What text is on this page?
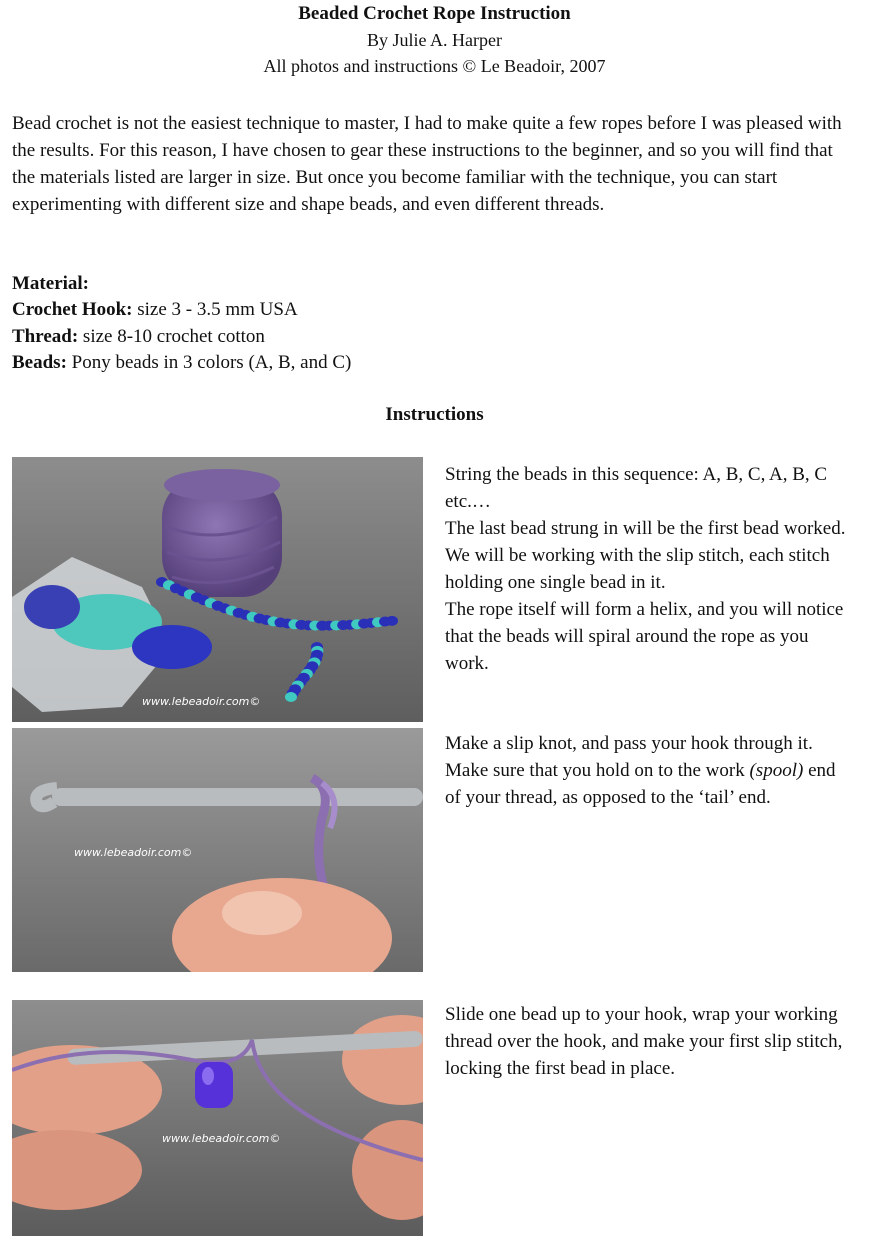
Beaded Crochet Rope Instruction
By Julie A. Harper
All photos and instructions © Le Beadoir, 2007

Bead crochet is not the easiest technique to master, I had to make quite a few ropes before I was pleased with the results. For this reason, I have chosen to gear these instructions to the beginner, and so you will find that the materials listed are larger in size. But once you become familiar with the technique, you can start experimenting with different size and shape beads, and even different threads.

Material:
Crochet Hook: size 3 - 3.5 mm USA
Thread: size 8-10 crochet cotton
Beads: Pony beads in 3 colors (A, B, and C)
Instructions
www.lebeadoir.com©

String the beads in this sequence: A, B, C, A, B, C etc.…

The last bead strung in will be the first bead worked. We will be working with the slip stitch, each stitch holding one single bead in it.

The rope itself will form a helix, and you will notice that the beads will spiral around the rope as you work.

www.lebeadoir.com©

Make a slip knot, and pass your hook through it.

Make sure that you hold on to the work (spool) end of your thread, as opposed to the ‘tail’ end.

www.lebeadoir.com©

Slide one bead up to your hook, wrap your working thread over the hook, and make your first slip stitch, locking the first bead in place.
